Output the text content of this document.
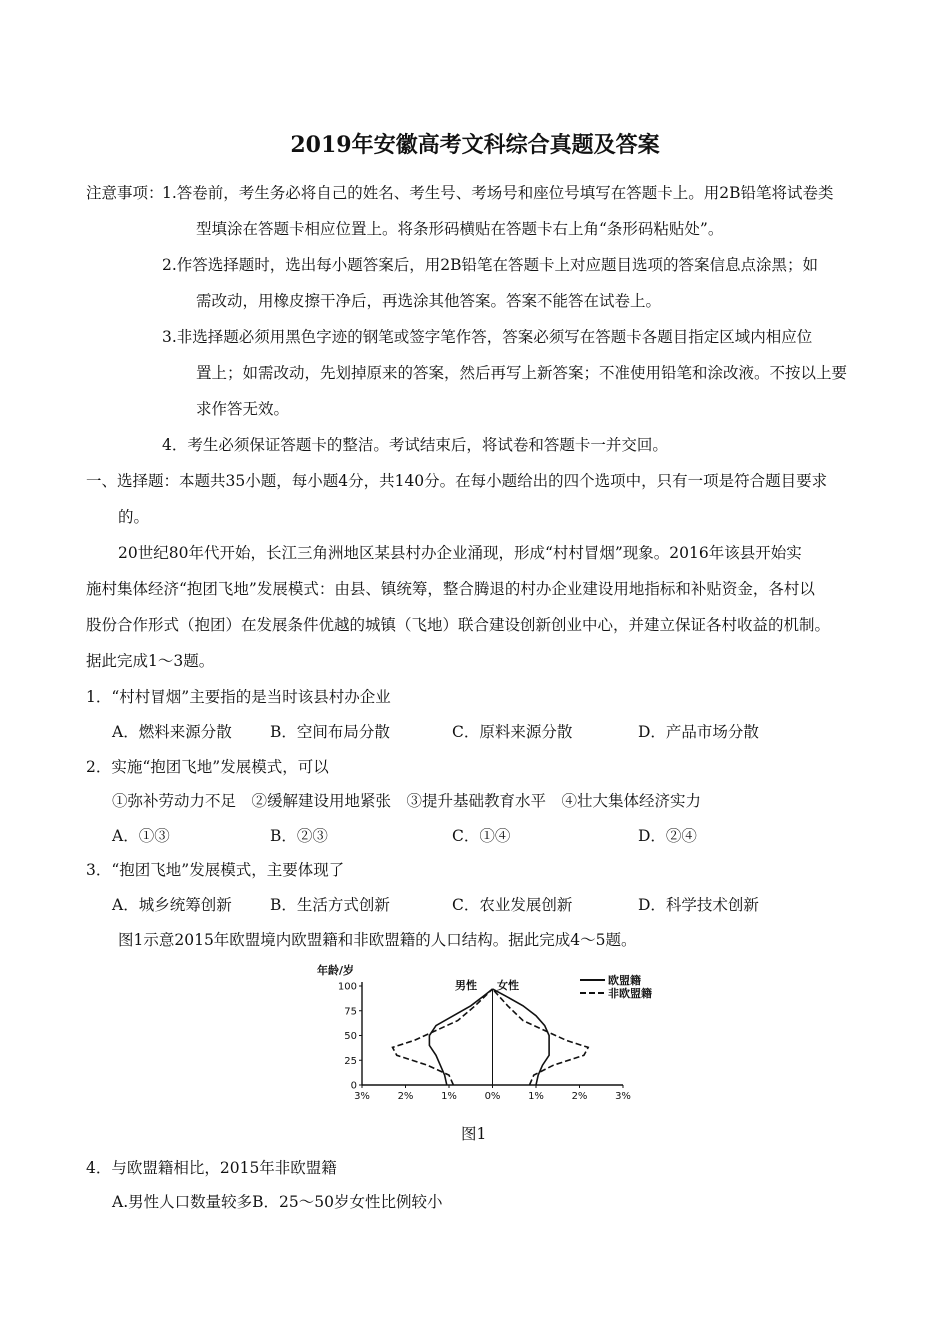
2019年安徽高考文科综合真题及答案
注意事项：
1.答卷前，考生务必将自己的姓名、考生号、考场号和座位号填写在答题卡上。用2B铅笔将试卷类
型填涂在答题卡相应位置上。将条形码横贴在答题卡右上角“条形码粘贴处”。
2.作答选择题时，选出每小题答案后，用2B铅笔在答题卡上对应题目选项的答案信息点涂黑；如
需改动，用橡皮擦干净后，再选涂其他答案。答案不能答在试卷上。
3.非选择题必须用黑色字迹的钢笔或签字笔作答，答案必须写在答题卡各题目指定区域内相应位
置上；如需改动，先划掉原来的答案，然后再写上新答案；不准使用铅笔和涂改液。不按以上要
求作答无效。
4．考生必须保证答题卡的整洁。考试结束后，将试卷和答题卡一并交回。
一、选择题：本题共35小题，每小题4分，共140分。在每小题给出的四个选项中，只有一项是符合题目要求
的。
20世纪80年代开始，长江三角洲地区某县村办企业涌现，形成“村村冒烟”现象。2016年该县开始实
施村集体经济“抱团飞地”发展模式：由县、镇统筹，整合腾退的村办企业建设用地指标和补贴资金，各村以
股份合作形式（抱团）在发展条件优越的城镇（飞地）联合建设创新创业中心，并建立保证各村收益的机制。
据此完成1～3题。
1．“村村冒烟”主要指的是当时该县村办企业
A．燃料来源分散 B．空间布局分散	C．原料来源分散	D．产品市场分散
2．实施“抱团飞地”发展模式，可以
①弥补劳动力不足　②缓解建设用地紧张　③提升基础教育水平　④壮大集体经济实力
A．①③	B．②③	C．①④	D．②④
3．“抱团飞地”发展模式，主要体现了
A．城乡统筹创新 B．生活方式创新	C．农业发展创新	D．科学技术创新
图1示意2015年欧盟境内欧盟籍和非欧盟籍的人口结构。据此完成4～5题。
年龄/岁
男性 女性	欧盟籍
非欧盟籍
100
75
50
25
0
3%	2%	1%	0%	1%	2%	3%
图1
4．与欧盟籍相比，2015年非欧盟籍
A.男性人口数量较多B．25～50岁女性比例较小
